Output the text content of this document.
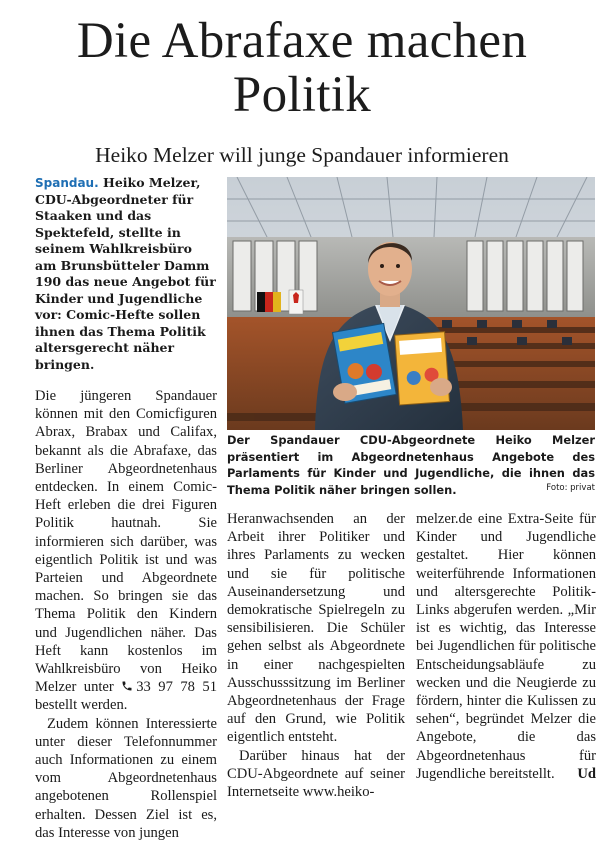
Die Abrafaxe machen
Politik
Heiko Melzer will junge Spandauer informieren

Spandau. Heiko Melzer, CDU-Abgeordneter für Staaken und das Spektefeld, stellte in seinem Wahlkreisbüro am Brunsbütteler Damm 190 das neue Angebot für Kinder und Jugendliche vor: Comic-Hefte sollen ihnen das Thema Politik altersgerecht näher bringen.

Die jüngeren Spandauer können mit den Comicfiguren Abrax, Brabax und Califax, bekannt als die Abrafaxe, das Berliner Abgeordnetenhaus entdecken. In einem Comic-Heft erleben die drei Figuren Politik hautnah. Sie informieren sich darüber, was eigentlich Politik ist und was Parteien und Abgeordnete machen. So bringen sie das Thema Politik den Kindern und Jugendlichen näher. Das Heft kann kostenlos im Wahlkreisbüro von Heiko Melzer unter 33 97 78 51 bestellt werden.

Zudem können Interessierte unter dieser Telefonnummer auch Informationen zu einem vom Abgeordnetenhaus angebotenen Rollenspiel erhalten. Dessen Ziel ist es, das Interesse von jungen

Der Spandauer CDU-Abgeordnete Heiko Melzer präsentiert im Abgeordnetenhaus Angebote des Parlaments für Kinder und Jugendliche, die ihnen das Thema Politik näher bringen sollen.	Foto: privat

Heranwachsenden an der Arbeit ihrer Politiker und ihres Parlaments zu wecken und sie für politische Auseinandersetzung und demokratische Spielregeln zu sensibilisieren. Die Schüler gehen selbst als Abgeordnete in einer nachgespielten Ausschusssitzung im Berliner Abgeordnetenhaus der Frage auf den Grund, wie Politik eigentlich entsteht.

Darüber hinaus hat der CDU-Abgeordnete auf seiner Internetseite www.heiko-

melzer.de eine Extra-Seite für Kinder und Jugendliche gestaltet. Hier können weiterführende Informationen und altersgerechte Politik-Links abgerufen werden. „Mir ist es wichtig, das Interesse bei Jugendlichen für politische Entscheidungsabläufe zu wecken und die Neugierde zu fördern, hinter die Kulissen zu sehen“, begründet Melzer die Angebote, die das Abgeordnetenhaus für Jugendliche bereitstellt. Ud
